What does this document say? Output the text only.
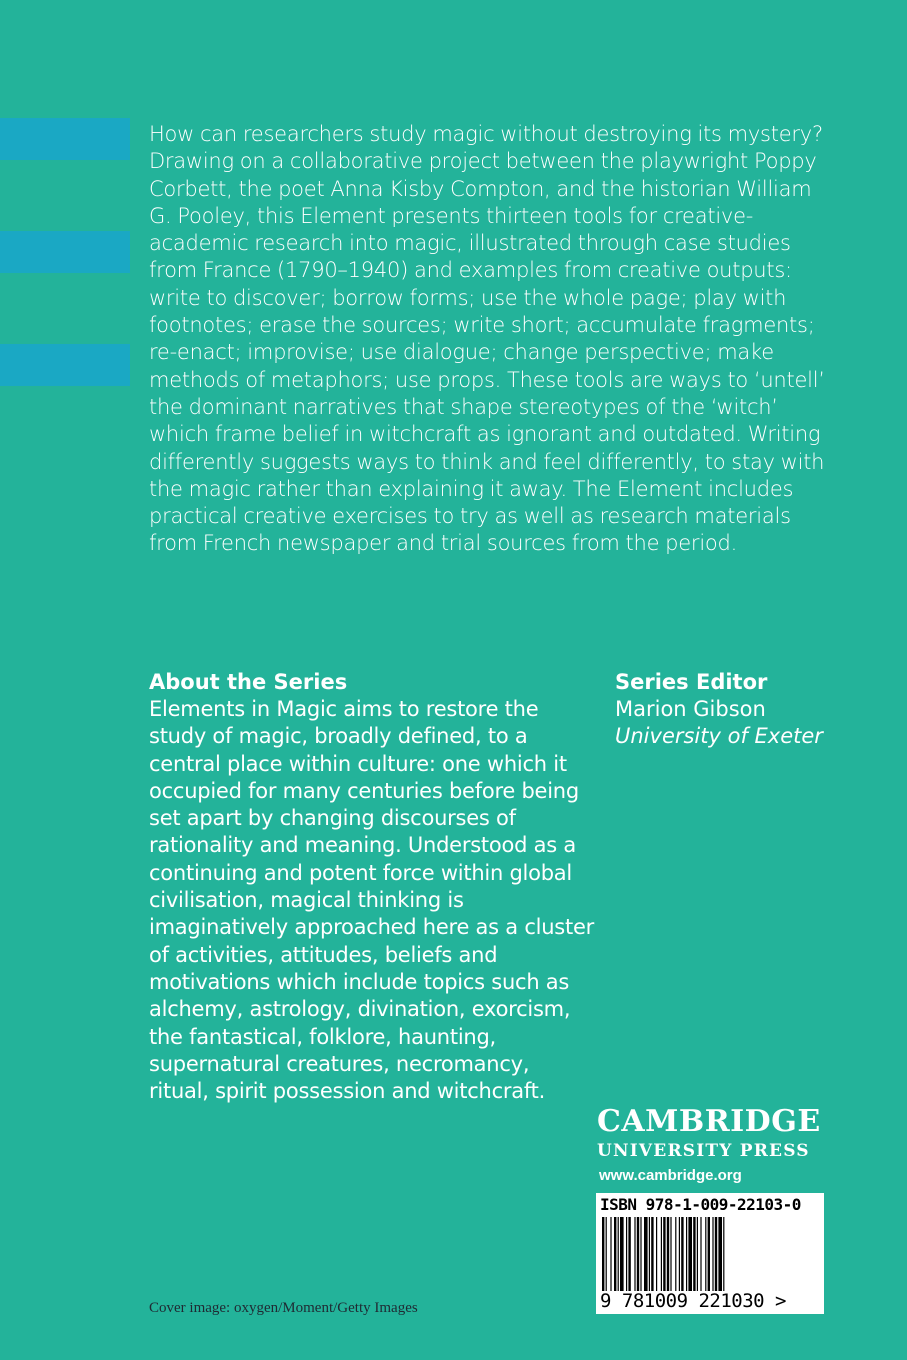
How can researchers study magic without destroying its mystery? Drawing on a collaborative project between the playwright Poppy Corbett, the poet Anna Kisby Compton, and the historian William G. Pooley, this Element presents thirteen tools for creative-academic research into magic, illustrated through case studies from France (1790–1940) and examples from creative outputs: write to discover; borrow forms; use the whole page; play with footnotes; erase the sources; write short; accumulate fragments; re-enact; improvise; use dialogue; change perspective; make methods of metaphors; use props. These tools are ways to ‘untell’ the dominant narratives that shape stereotypes of the ‘witch’ which frame belief in witchcraft as ignorant and outdated. Writing differently suggests ways to think and feel differently, to stay with the magic rather than explaining it away. The Element includes practical creative exercises to try as well as research materials from French newspaper and trial sources from the period.

About the Series

Elements in Magic aims to restore the study of magic, broadly defined, to a central place within culture: one which it occupied for many centuries before being set apart by changing discourses of rationality and meaning. Understood as a continuing and potent force within global civilisation, magical thinking is imaginatively approached here as a cluster of activities, attitudes, beliefs and motivations which include topics such as alchemy, astrology, divination, exorcism, the fantastical, folklore, haunting, supernatural creatures, necromancy, ritual, spirit possession and witchcraft.

Series Editor

Marion Gibson

University of Exeter

CAMBRIDGE

UNIVERSITY PRESS

www.cambridge.org

ISBN 978-1-009-22103-0

9 781009 221030 >

Cover image: oxygen/Moment/Getty Images
